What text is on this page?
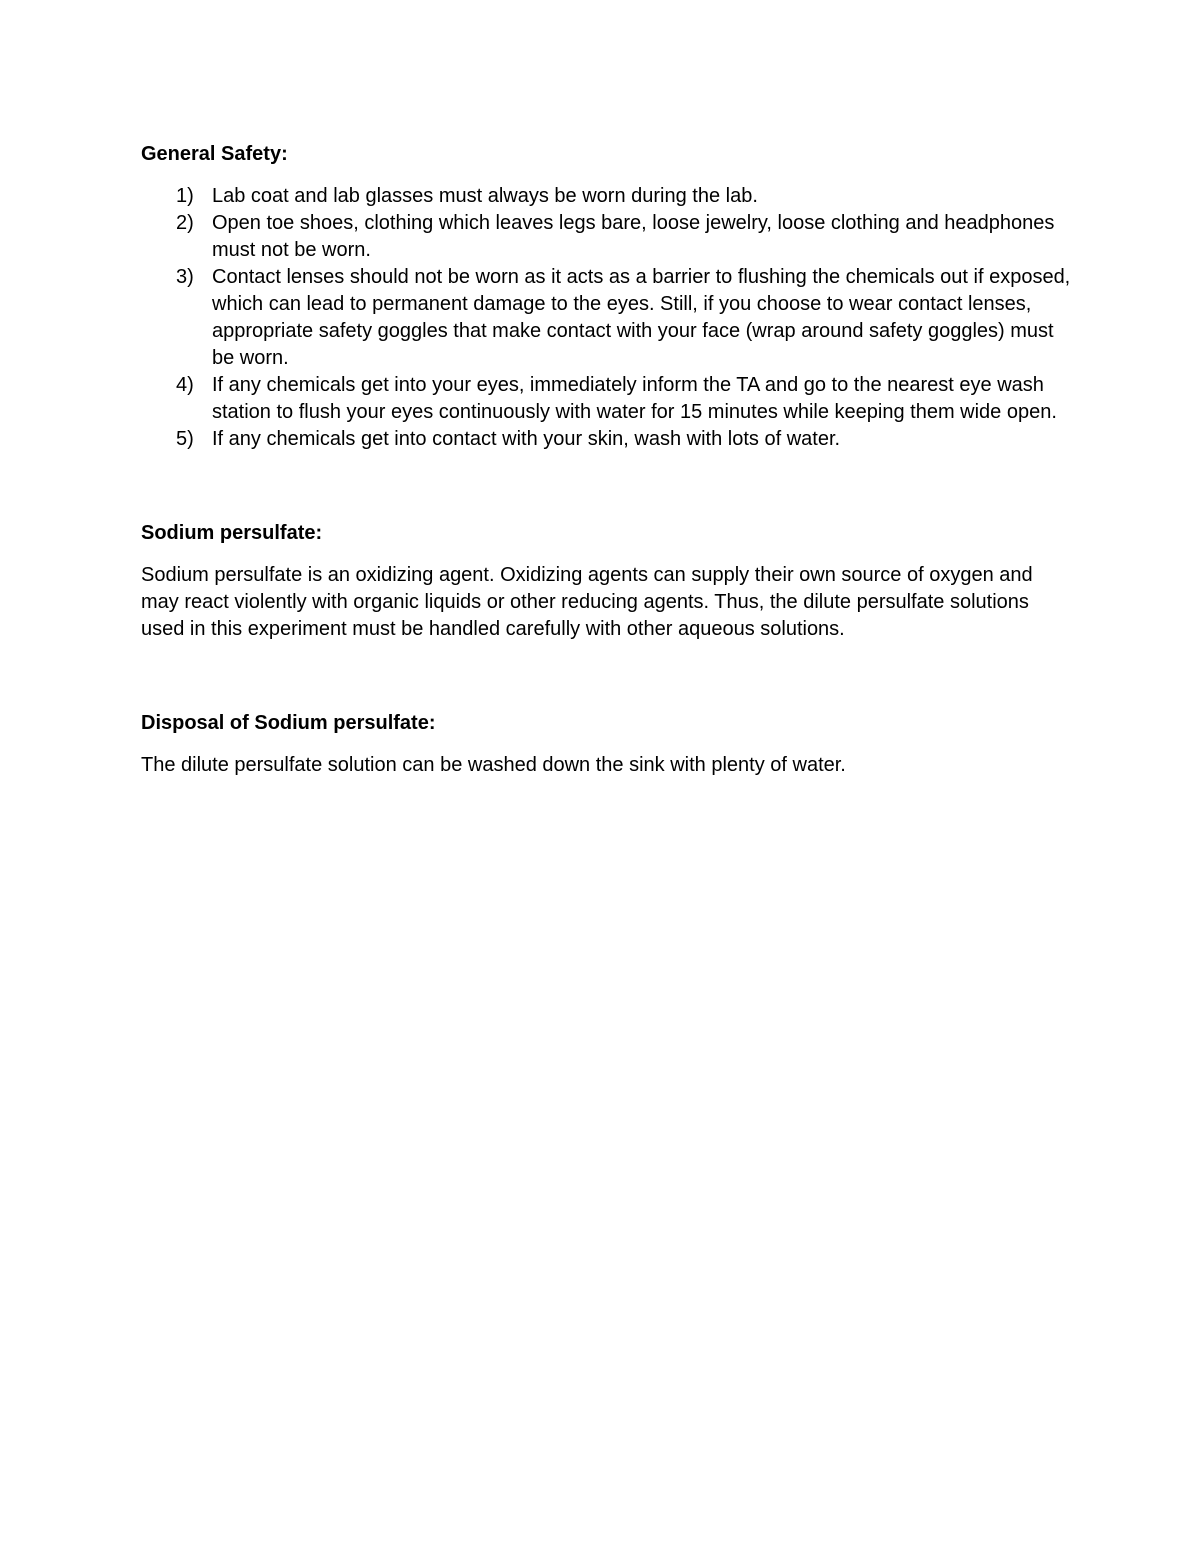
General Safety:

1) Lab coat and lab glasses must always be worn during the lab.
2) Open toe shoes, clothing which leaves legs bare, loose jewelry, loose clothing and headphones must not be worn.
3) Contact lenses should not be worn as it acts as a barrier to flushing the chemicals out if exposed, which can lead to permanent damage to the eyes. Still, if you choose to wear contact lenses, appropriate safety goggles that make contact with your face (wrap around safety goggles) must be worn.
4) If any chemicals get into your eyes, immediately inform the TA and go to the nearest eye wash station to flush your eyes continuously with water for 15 minutes while keeping them wide open.
5) If any chemicals get into contact with your skin, wash with lots of water.

Sodium persulfate:

Sodium persulfate is an oxidizing agent. Oxidizing agents can supply their own source of oxygen and may react violently with organic liquids or other reducing agents. Thus, the dilute persulfate solutions used in this experiment must be handled carefully with other aqueous solutions.

Disposal of Sodium persulfate:

The dilute persulfate solution can be washed down the sink with plenty of water.
